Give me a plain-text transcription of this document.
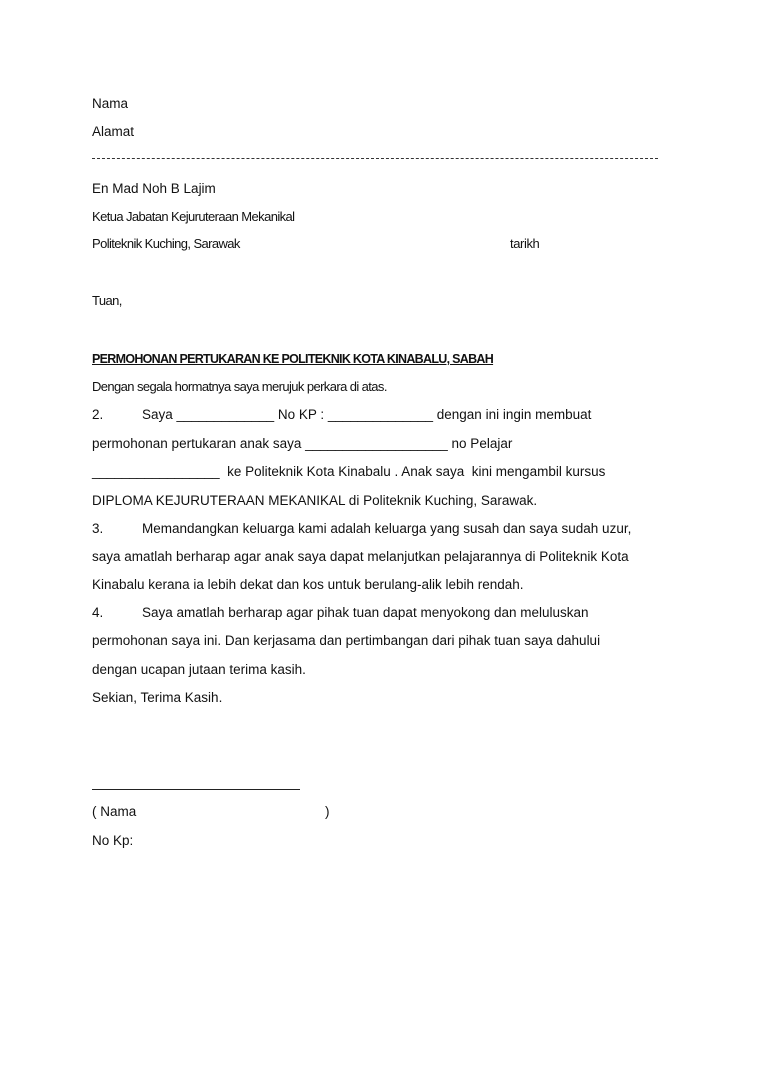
Nama
Alamat
En Mad Noh B Lajim
Ketua Jabatan Kejuruteraan Mekanikal
Politeknik Kuching, Sarawak	tarikh
Tuan,
PERMOHONAN PERTUKARAN KE POLITEKNIK KOTA KINABALU, SABAH
Dengan segala hormatnya saya merujuk perkara di atas.
2.	Saya _____________ No KP : ______________ dengan ini ingin membuat
permohonan pertukaran anak saya ___________________ no Pelajar
_________________  ke Politeknik Kota Kinabalu . Anak saya  kini mengambil kursus
DIPLOMA KEJURUTERAAN MEKANIKAL di Politeknik Kuching, Sarawak.
3.	Memandangkan keluarga kami adalah keluarga yang susah dan saya sudah uzur,
saya amatlah berharap agar anak saya dapat melanjutkan pelajarannya di Politeknik Kota
Kinabalu kerana ia lebih dekat dan kos untuk berulang-alik lebih rendah.
4.	Saya amatlah berharap agar pihak tuan dapat menyokong dan meluluskan
permohonan saya ini. Dan kerjasama dan pertimbangan dari pihak tuan saya dahului
dengan ucapan jutaan terima kasih.
Sekian, Terima Kasih.
( Nama	)
No Kp:
